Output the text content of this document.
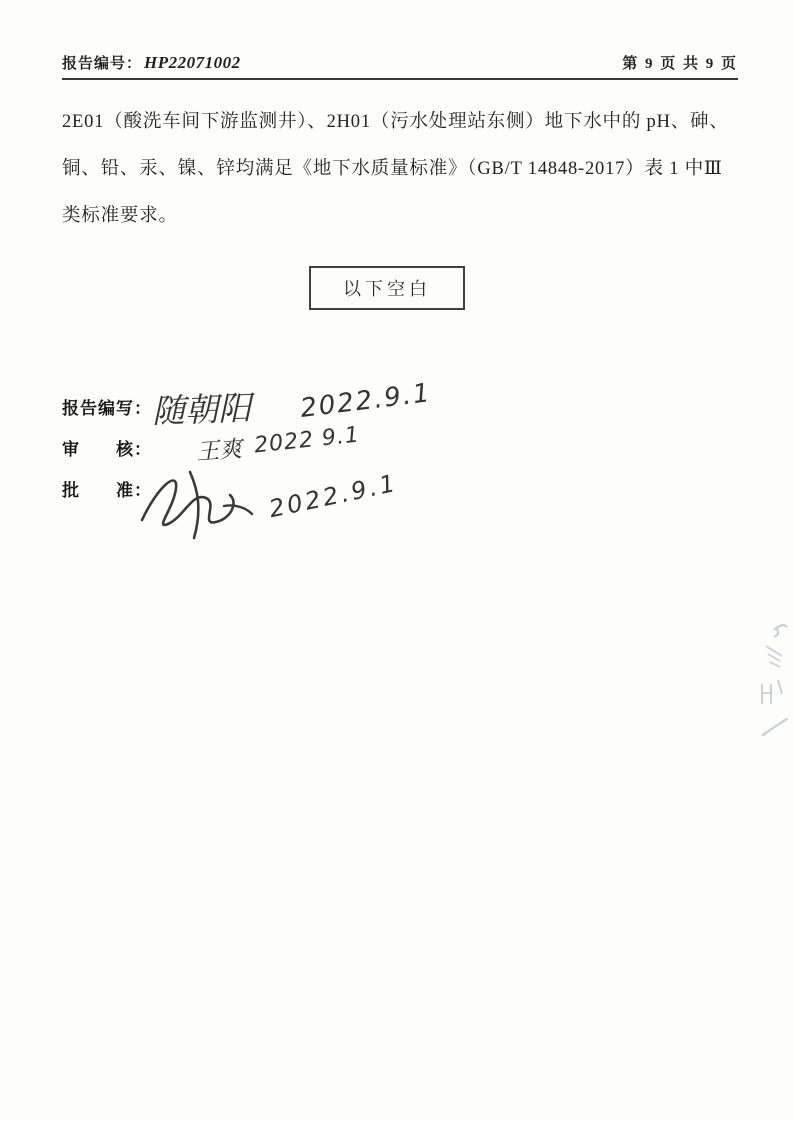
报告编号： HP22071002	第 9 页 共 9 页
2E01（酸洗车间下游监测井）、2H01（污水处理站东侧）地下水中的 pH、砷、
铜、铅、汞、镍、锌均满足《地下水质量标准》（GB/T 14848-2017）表 1 中Ⅲ
类标准要求。
以下空白
报告编写： 随朝阳 2022.9.1
审　　核： 王爽 2022 9.1
批　　准：	2022.9.1
